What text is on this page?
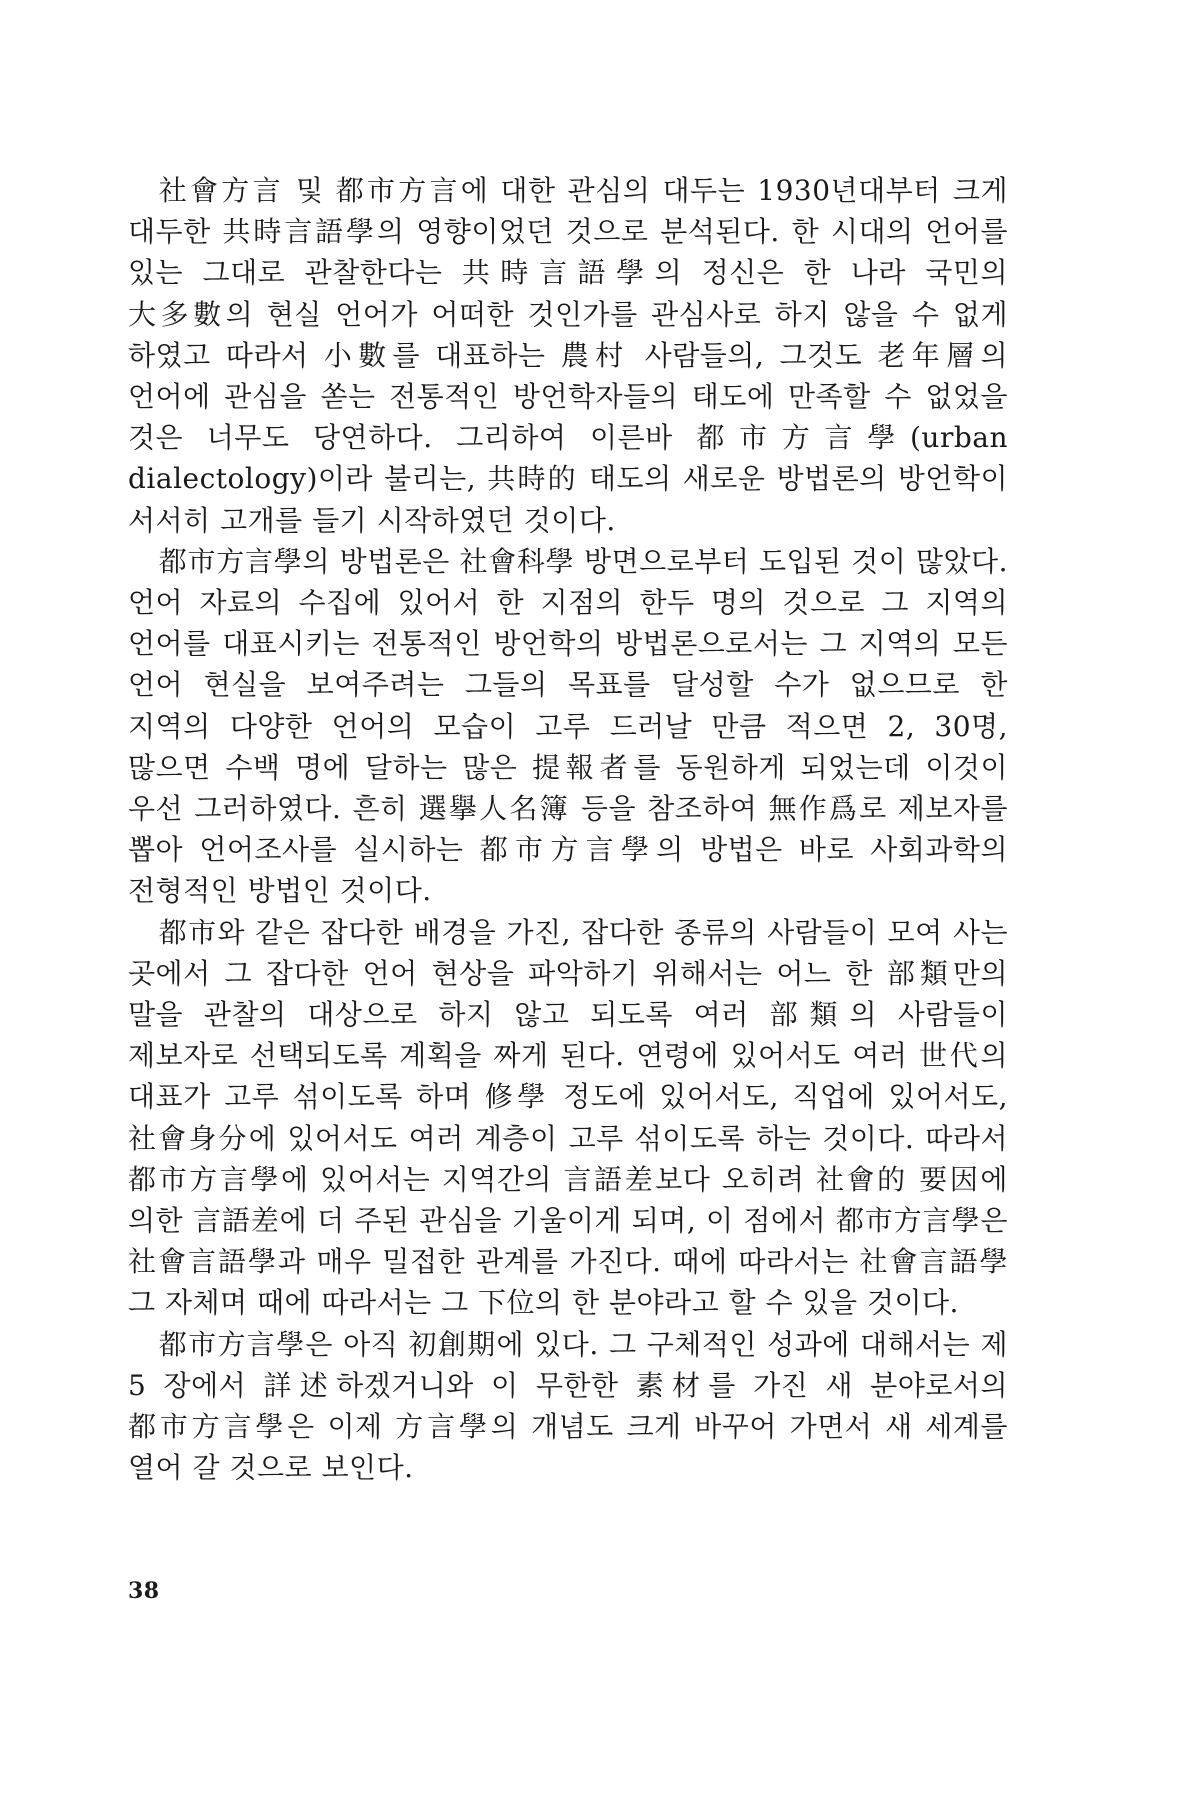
社會方言 및 都市方言에 대한 관심의 대두는 1930년대부터 크게 대두한 共時言語學의 영향이었던 것으로 분석된다. 한 시대의 언어를 있는 그대로 관찰한다는 共時言語學의 정신은 한 나라 국민의 大多數의 현실 언어가 어떠한 것인가를 관심사로 하지 않을 수 없게 하였고 따라서 小數를 대표하는 農村 사람들의, 그것도 老年層의 언어에 관심을 쏟는 전통적인 방언학자들의 태도에 만족할 수 없었을 것은 너무도 당연하다. 그리하여 이른바 都市方言學(urban dialectology)이라 불리는, 共時的 태도의 새로운 방법론의 방언학이 서서히 고개를 들기 시작하였던 것이다.

都市方言學의 방법론은 社會科學 방면으로부터 도입된 것이 많았다. 언어 자료의 수집에 있어서 한 지점의 한두 명의 것으로 그 지역의 언어를 대표시키는 전통적인 방언학의 방법론으로서는 그 지역의 모든 언어 현실을 보여주려는 그들의 목표를 달성할 수가 없으므로 한 지역의 다양한 언어의 모습이 고루 드러날 만큼 적으면 2, 30명, 많으면 수백 명에 달하는 많은 提報者를 동원하게 되었는데 이것이 우선 그러하였다. 흔히 選擧人名簿 등을 참조하여 無作爲로 제보자를 뽑아 언어조사를 실시하는 都市方言學의 방법은 바로 사회과학의 전형적인 방법인 것이다.

都市와 같은 잡다한 배경을 가진, 잡다한 종류의 사람들이 모여 사는 곳에서 그 잡다한 언어 현상을 파악하기 위해서는 어느 한 部類만의 말을 관찰의 대상으로 하지 않고 되도록 여러 部類의 사람들이 제보자로 선택되도록 계획을 짜게 된다. 연령에 있어서도 여러 世代의 대표가 고루 섞이도록 하며 修學 정도에 있어서도, 직업에 있어서도, 社會身分에 있어서도 여러 계층이 고루 섞이도록 하는 것이다. 따라서 都市方言學에 있어서는 지역간의 言語差보다 오히려 社會的 要因에 의한 言語差에 더 주된 관심을 기울이게 되며, 이 점에서 都市方言學은 社會言語學과 매우 밀접한 관계를 가진다. 때에 따라서는 社會言語學 그 자체며 때에 따라서는 그 下位의 한 분야라고 할 수 있을 것이다.

都市方言學은 아직 初創期에 있다. 그 구체적인 성과에 대해서는 제 5 장에서 詳述하겠거니와 이 무한한 素材를 가진 새 분야로서의 都市方言學은 이제 方言學의 개념도 크게 바꾸어 가면서 새 세계를 열어 갈 것으로 보인다.

38
